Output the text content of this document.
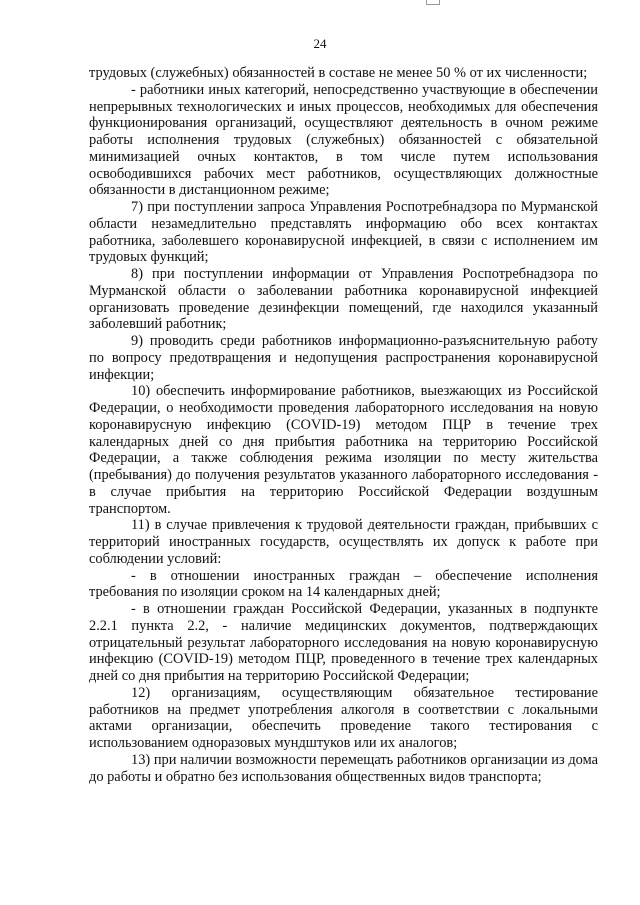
24

трудовых (служебных) обязанностей в составе не менее 50 % от их численности;

- работники иных категорий, непосредственно участвующие в обеспечении непрерывных технологических и иных процессов, необходимых для обеспечения функционирования организаций, осуществляют деятельность в очном режиме работы исполнения трудовых (служебных) обязанностей с обязательной минимизацией очных контактов, в том числе путем использования освободившихся рабочих мест работников, осуществляющих должностные обязанности в дистанционном режиме;

7) при поступлении запроса Управления Роспотребнадзора по Мурманской области незамедлительно представлять информацию обо всех контактах работника, заболевшего коронавирусной инфекцией, в связи с исполнением им трудовых функций;

8) при поступлении информации от Управления Роспотребнадзора по Мурманской области о заболевании работника коронавирусной инфекцией организовать проведение дезинфекции помещений, где находился указанный заболевший работник;

9) проводить среди работников информационно-разъяснительную работу по вопросу предотвращения и недопущения распространения коронавирусной инфекции;

10) обеспечить информирование работников, выезжающих из Российской Федерации, о необходимости проведения лабораторного исследования на новую коронавирусную инфекцию (COVID-19) методом ПЦР в течение трех календарных дней со дня прибытия работника на территорию Российской Федерации, а также соблюдения режима изоляции по месту жительства (пребывания) до получения результатов указанного лабораторного исследования - в случае прибытия на территорию Российской Федерации воздушным транспортом.

11) в случае привлечения к трудовой деятельности граждан, прибывших с территорий иностранных государств, осуществлять их допуск к работе при соблюдении условий:

- в отношении иностранных граждан – обеспечение исполнения требования по изоляции сроком на 14 календарных дней;

- в отношении граждан Российской Федерации, указанных в подпункте 2.2.1 пункта 2.2, - наличие медицинских документов, подтверждающих отрицательный результат лабораторного исследования на новую коронавирусную инфекцию (COVID-19) методом ПЦР, проведенного в течение трех календарных дней со дня прибытия на территорию Российской Федерации;

12) организациям, осуществляющим обязательное тестирование работников на предмет употребления алкоголя в соответствии с локальными актами организации, обеспечить проведение такого тестирования с использованием одноразовых мундштуков или их аналогов;

13) при наличии возможности перемещать работников организации из дома до работы и обратно без использования общественных видов транспорта;
